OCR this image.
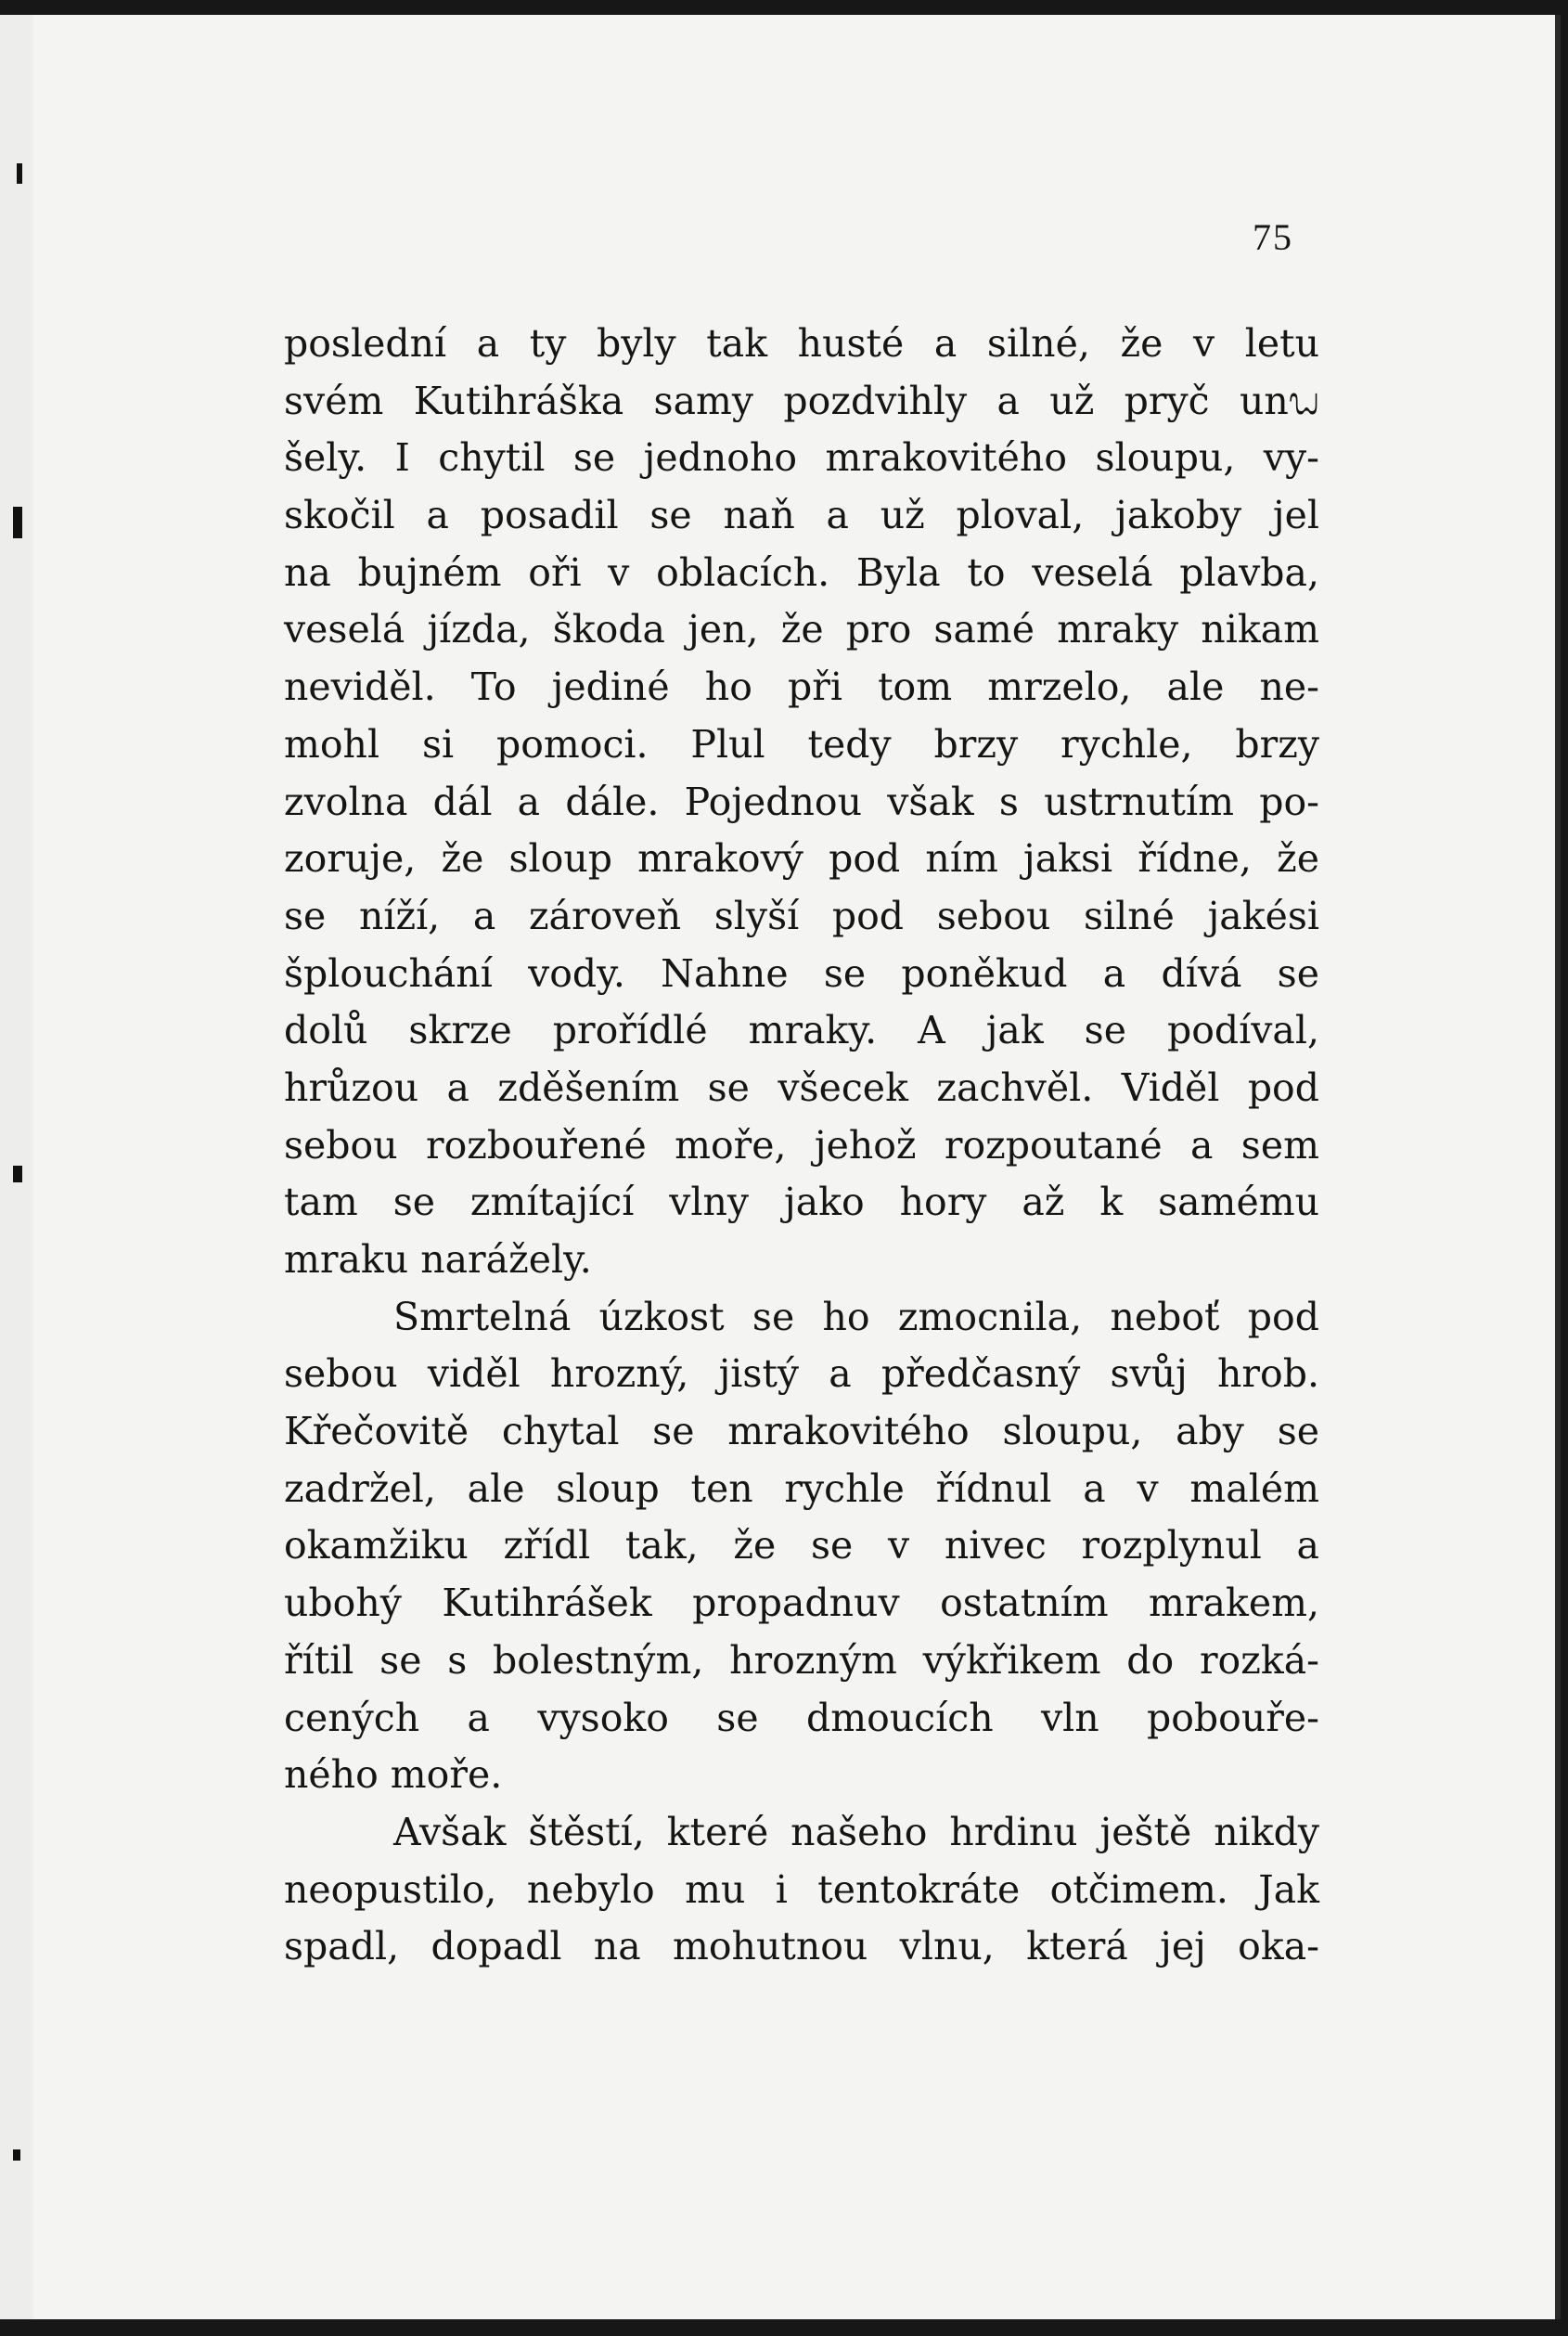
75
poslední a ty byly tak husté a silné, že v letu
svém Kutihráška samy pozdvihly a už pryč unᬠ
šely. I chytil se jednoho mrakovitého sloupu, vy-
skočil a posadil se naň a už ploval, jakoby jel
na bujném oři v oblacích. Byla to veselá plavba,
veselá jízda, škoda jen, že pro samé mraky nikam
neviděl. To jediné ho při tom mrzelo, ale ne-
mohl si pomoci. Plul tedy brzy rychle, brzy
zvolna dál a dále. Pojednou však s ustrnutím po-
zoruje, že sloup mrakový pod ním jaksi řídne, že
se níží, a zároveň slyší pod sebou silné jakési
šplouchání vody. Nahne se poněkud a dívá se
dolů skrze prořídlé mraky. A jak se podíval,
hrůzou a zděšením se všecek zachvěl. Viděl pod
sebou rozbouřené moře, jehož rozpoutané a sem
tam se zmítající vlny jako hory až k samému
mraku narážely.
Smrtelná úzkost se ho zmocnila, neboť pod
sebou viděl hrozný, jistý a předčasný svůj hrob.
Křečovitě chytal se mrakovitého sloupu, aby se
zadržel, ale sloup ten rychle řídnul a v malém
okamžiku zřídl tak, že se v nivec rozplynul a
ubohý Kutihrášek propadnuv ostatním mrakem,
řítil se s bolestným, hrozným výkřikem do rozká-
cených a vysoko se dmoucích vln pobouře-
ného moře.
Avšak štěstí, které našeho hrdinu ještě nikdy
neopustilo, nebylo mu i tentokráte otčimem. Jak
spadl, dopadl na mohutnou vlnu, která jej oka-
